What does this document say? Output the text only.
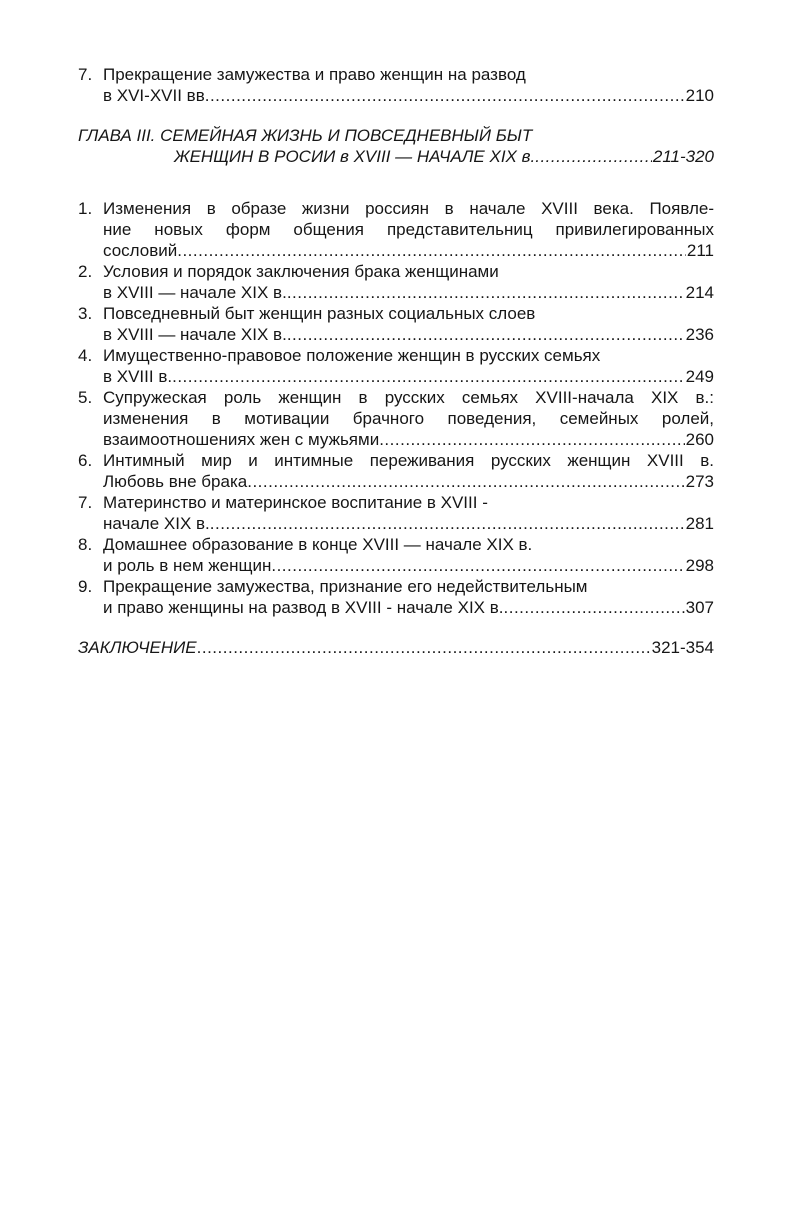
7. Прекращение замужества и право женщин на развод
в XVI-XVII вв .....	210
ГЛАВА III. СЕМЕЙНАЯ ЖИЗНЬ И ПОВСЕДНЕВНЫЙ БЫТ
ЖЕНЩИН В РОСИИ в XVIII — НАЧАЛЕ XIX в. .....	211-320
1. Изменения в образе жизни россиян в начале XVIII века. Появле-
ние новых форм общения представительниц привилегированных
сословий .....	211
2. Условия и порядок заключения брака женщинами
в XVIII — начале XIX в. .....	214
3. Повседневный быт женщин разных социальных слоев
в XVIII — начале XIX в. .....	236
4. Имущественно-правовое положение женщин в русских семьях
в XVIII в. .....	249
5. Супружеская роль женщин в русских семьях XVIII-начала XIX в.:
изменения в мотивации брачного поведения, семейных ролей,
взаимоотношениях жен с мужьями .....	260
6. Интимный мир и интимные переживания русских женщин XVIII в.
Любовь вне брака .....	273
7. Материнство и материнское воспитание в XVIII -
начале XIX в. .....	281
8. Домашнее образование в конце XVIII — начале XIX в.
и роль в нем женщин .....	298
9. Прекращение замужества, признание его недействительным
и право женщины на развод в XVIII - начале XIX в. .....	307
ЗАКЛЮЧЕНИЕ .....	321-354
